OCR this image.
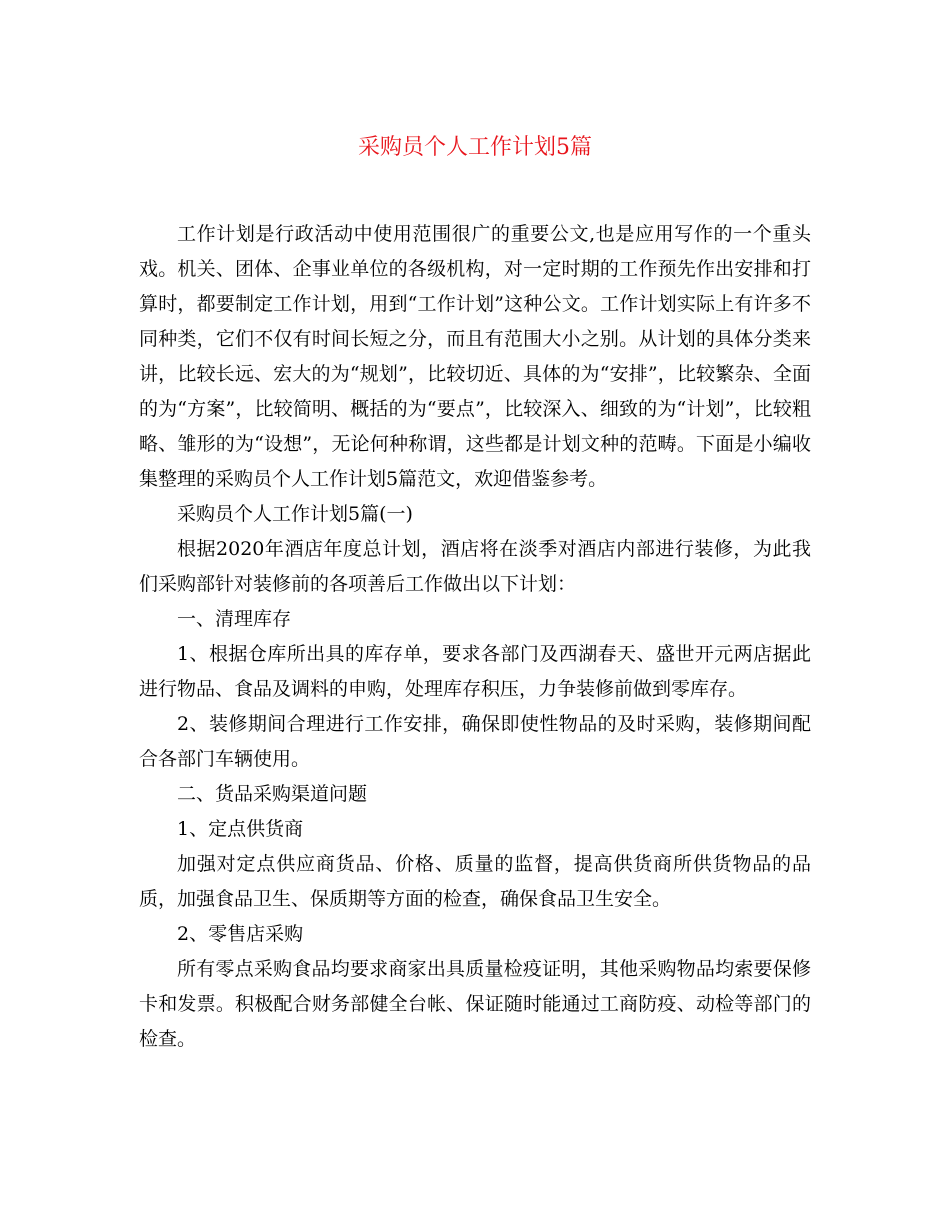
采购员个人工作计划5篇

工作计划是行政活动中使用范围很广的重要公文,也是应用写作的一个重头戏。机关、团体、企事业单位的各级机构，对一定时期的工作预先作出安排和打算时，都要制定工作计划，用到“工作计划”这种公文。工作计划实际上有许多不同种类，它们不仅有时间长短之分，而且有范围大小之别。从计划的具体分类来讲，比较长远、宏大的为“规划”，比较切近、具体的为“安排”，比较繁杂、全面的为“方案”，比较简明、概括的为“要点”，比较深入、细致的为“计划”，比较粗略、雏形的为“设想”，无论何种称谓，这些都是计划文种的范畴。下面是小编收集整理的采购员个人工作计划5篇范文，欢迎借鉴参考。

采购员个人工作计划5篇(一)

根据2020年酒店年度总计划，酒店将在淡季对酒店内部进行装修，为此我们采购部针对装修前的各项善后工作做出以下计划：

一、清理库存

1、根据仓库所出具的库存单，要求各部门及西湖春天、盛世开元两店据此进行物品、食品及调料的申购，处理库存积压，力争装修前做到零库存。

2、装修期间合理进行工作安排，确保即使性物品的及时采购，装修期间配合各部门车辆使用。

二、货品采购渠道问题

1、定点供货商

加强对定点供应商货品、价格、质量的监督，提高供货商所供货物品的品质，加强食品卫生、保质期等方面的检查，确保食品卫生安全。

2、零售店采购

所有零点采购食品均要求商家出具质量检疫证明，其他采购物品均索要保修卡和发票。积极配合财务部健全台帐、保证随时能通过工商防疫、动检等部门的检查。
